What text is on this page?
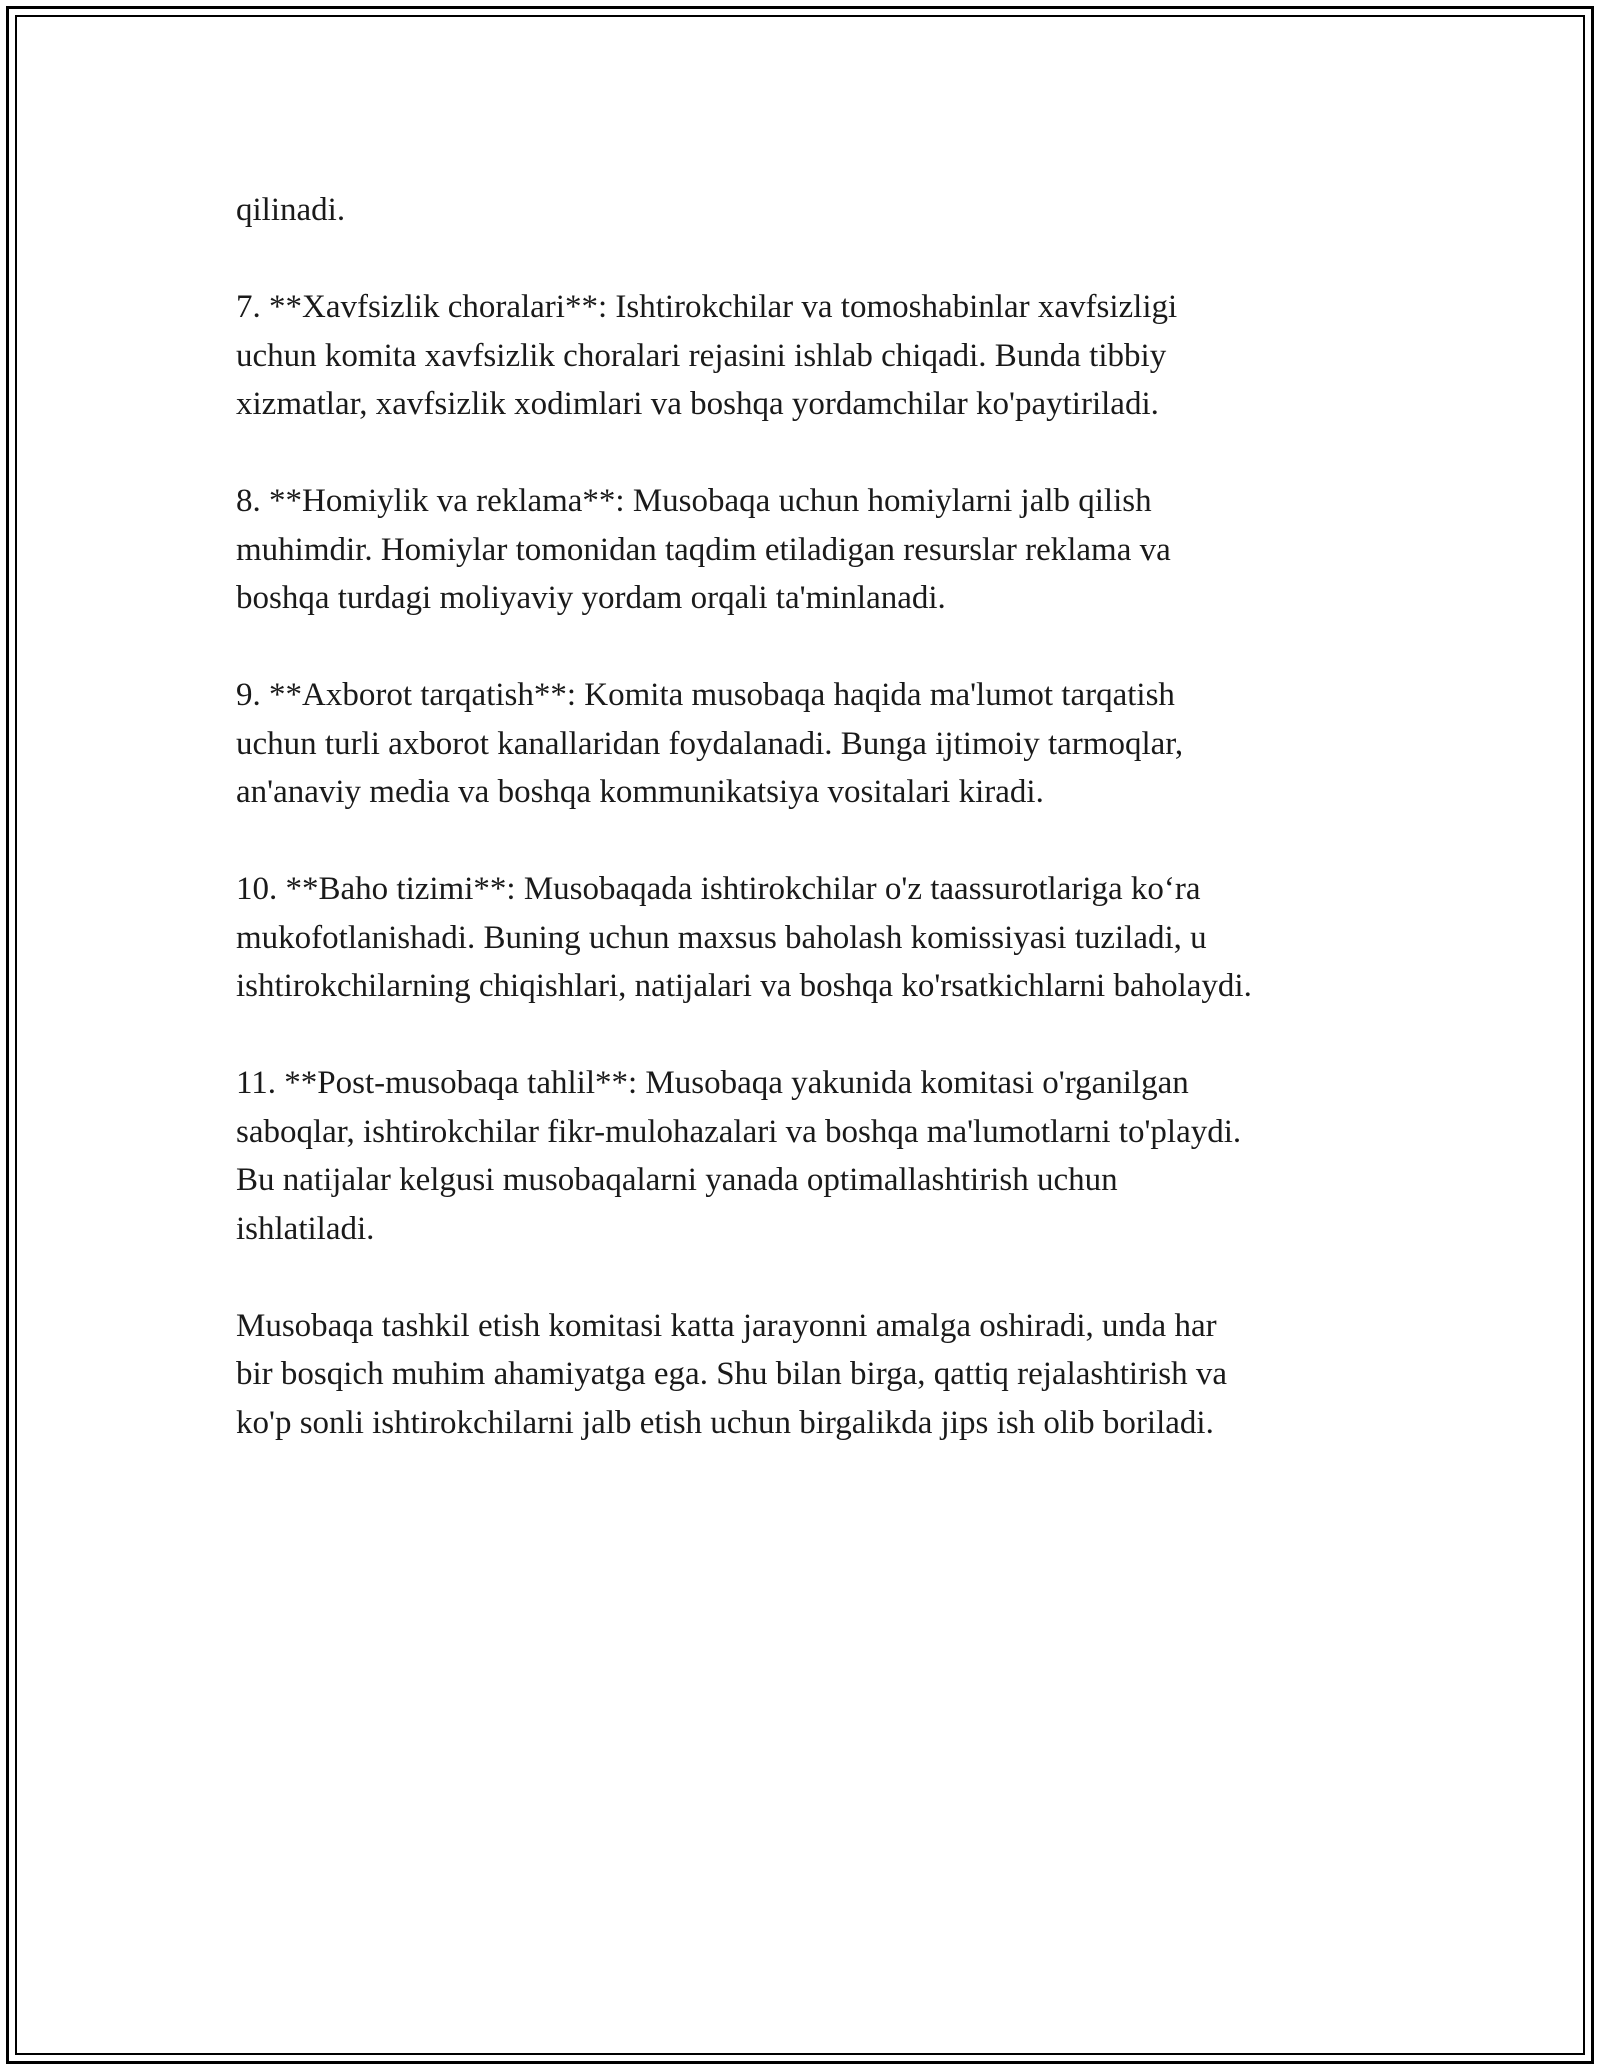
qilinadi.

7. **Xavfsizlik choralari**: Ishtirokchilar va tomoshabinlar xavfsizligi
uchun komita xavfsizlik choralari rejasini ishlab chiqadi. Bunda tibbiy
xizmatlar, xavfsizlik xodimlari va boshqa yordamchilar ko'paytiriladi.

8. **Homiylik va reklama**: Musobaqa uchun homiylarni jalb qilish
muhimdir. Homiylar tomonidan taqdim etiladigan resurslar reklama va
boshqa turdagi moliyaviy yordam orqali ta'minlanadi.

9. **Axborot tarqatish**: Komita musobaqa haqida ma'lumot tarqatish
uchun turli axborot kanallaridan foydalanadi. Bunga ijtimoiy tarmoqlar,
an'anaviy media va boshqa kommunikatsiya vositalari kiradi.

10. **Baho tizimi**: Musobaqada ishtirokchilar o'z taassurotlariga ko‘ra
mukofotlanishadi. Buning uchun maxsus baholash komissiyasi tuziladi, u
ishtirokchilarning chiqishlari, natijalari va boshqa ko'rsatkichlarni baholaydi.

11. **Post-musobaqa tahlil**: Musobaqa yakunida komitasi o'rganilgan
saboqlar, ishtirokchilar fikr-mulohazalari va boshqa ma'lumotlarni to'playdi.
Bu natijalar kelgusi musobaqalarni yanada optimallashtirish uchun
ishlatiladi.

Musobaqa tashkil etish komitasi katta jarayonni amalga oshiradi, unda har
bir bosqich muhim ahamiyatga ega. Shu bilan birga, qattiq rejalashtirish va
ko'p sonli ishtirokchilarni jalb etish uchun birgalikda jips ish olib boriladi.
